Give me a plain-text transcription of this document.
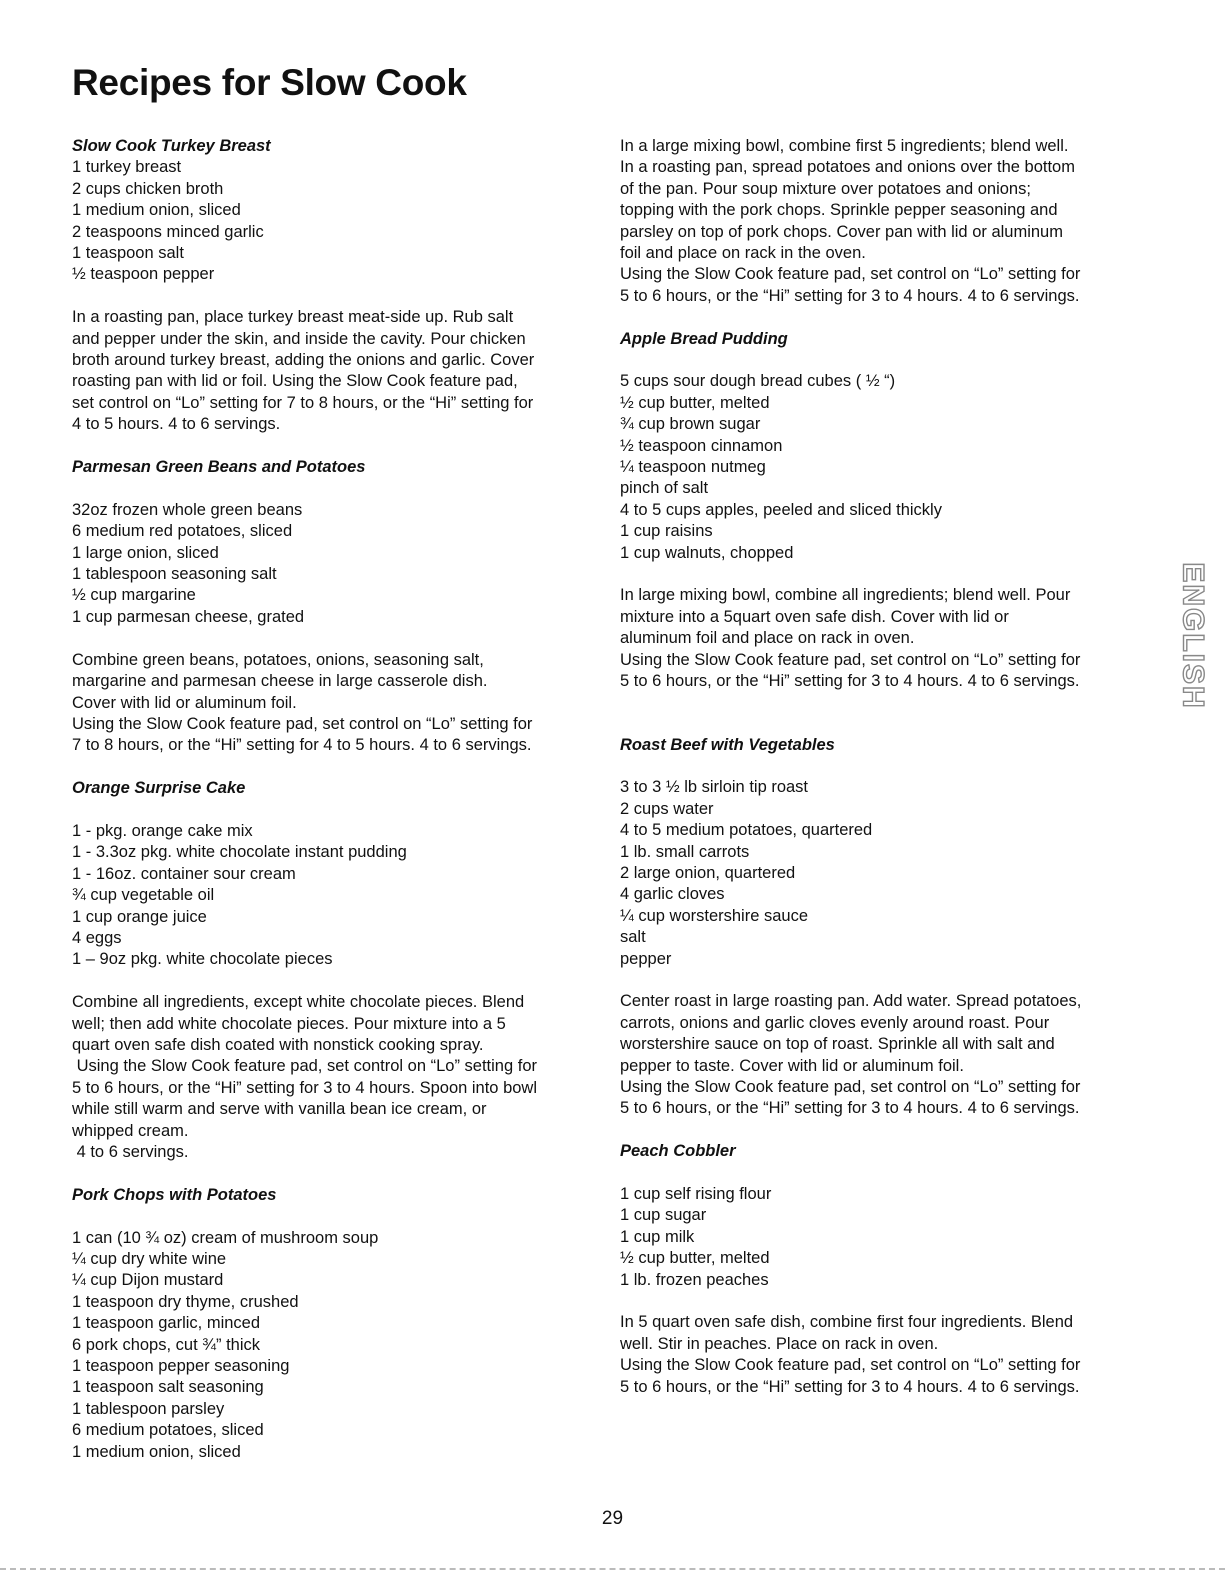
Recipes for Slow Cook

Slow Cook Turkey Breast

1 turkey breast
2 cups chicken broth
1 medium onion, sliced
2 teaspoons minced garlic
1 teaspoon salt
½ teaspoon pepper
In a roasting pan, place turkey breast meat-side up. Rub salt
and pepper under the skin, and inside the cavity. Pour chicken
broth around turkey breast, adding the onions and garlic. Cover
roasting pan with lid or foil. Using the Slow Cook feature pad,
set control on “Lo” setting for 7 to 8 hours, or the “Hi” setting for
4 to 5 hours. 4 to 6 servings.

Parmesan Green Beans and Potatoes

32oz frozen whole green beans
6 medium red potatoes, sliced
1 large onion, sliced
1 tablespoon seasoning salt
½ cup margarine
1 cup parmesan cheese, grated
Combine green beans, potatoes, onions, seasoning salt,
margarine and parmesan cheese in large casserole dish.
Cover with lid or aluminum foil.
Using the Slow Cook feature pad, set control on “Lo” setting for
7 to 8 hours, or the “Hi” setting for 4 to 5 hours. 4 to 6 servings.

Orange Surprise Cake

1 - pkg. orange cake mix
1 - 3.3oz pkg. white chocolate instant pudding
1 - 16oz. container sour cream
¾ cup vegetable oil
1 cup orange juice
4 eggs
1 – 9oz pkg. white chocolate pieces
Combine all ingredients, except white chocolate pieces. Blend
well; then add white chocolate pieces. Pour mixture into a 5
quart oven safe dish coated with nonstick cooking spray.
Using the Slow Cook feature pad, set control on “Lo” setting for
5 to 6 hours, or the “Hi” setting for 3 to 4 hours. Spoon into bowl
while still warm and serve with vanilla bean ice cream, or
whipped cream.
4 to 6 servings.

Pork Chops with Potatoes

1 can (10 ¾ oz) cream of mushroom soup
¼ cup dry white wine
¼ cup Dijon mustard
1 teaspoon dry thyme, crushed
1 teaspoon garlic, minced
6 pork chops, cut ¾” thick
1 teaspoon pepper seasoning
1 teaspoon salt seasoning
1 tablespoon parsley
6 medium potatoes, sliced
1 medium onion, sliced
In a large mixing bowl, combine first 5 ingredients; blend well.
In a roasting pan, spread potatoes and onions over the bottom
of the pan. Pour soup mixture over potatoes and onions;
topping with the pork chops. Sprinkle pepper seasoning and
parsley on top of pork chops. Cover pan with lid or aluminum
foil and place on rack in the oven.
Using the Slow Cook feature pad, set control on “Lo” setting for
5 to 6 hours, or the “Hi” setting for 3 to 4 hours. 4 to 6 servings.

Apple Bread Pudding

5 cups sour dough bread cubes ( ½ “)
½ cup butter, melted
¾ cup brown sugar
½ teaspoon cinnamon
¼ teaspoon nutmeg
pinch of salt
4 to 5 cups apples, peeled and sliced thickly
1 cup raisins
1 cup walnuts, chopped
In large mixing bowl, combine all ingredients; blend well. Pour
mixture into a 5quart oven safe dish. Cover with lid or
aluminum foil and place on rack in oven.
Using the Slow Cook feature pad, set control on “Lo” setting for
5 to 6 hours, or the “Hi” setting for 3 to 4 hours. 4 to 6 servings.

Roast Beef with Vegetables

3 to 3 ½ lb sirloin tip roast
2 cups water
4 to 5 medium potatoes, quartered
1 lb. small carrots
2 large onion, quartered
4 garlic cloves
¼ cup worstershire sauce
salt
pepper
Center roast in large roasting pan. Add water. Spread potatoes,
carrots, onions and garlic cloves evenly around roast. Pour
worstershire sauce on top of roast. Sprinkle all with salt and
pepper to taste. Cover with lid or aluminum foil.
Using the Slow Cook feature pad, set control on “Lo” setting for
5 to 6 hours, or the “Hi” setting for 3 to 4 hours. 4 to 6 servings.

Peach Cobbler

1 cup self rising flour
1 cup sugar
1 cup milk
½ cup butter, melted
1 lb. frozen peaches
In 5 quart oven safe dish, combine first four ingredients. Blend
well. Stir in peaches. Place on rack in oven.
Using the Slow Cook feature pad, set control on “Lo” setting for
5 to 6 hours, or the “Hi” setting for 3 to 4 hours. 4 to 6 servings.
ENGLISH
29
